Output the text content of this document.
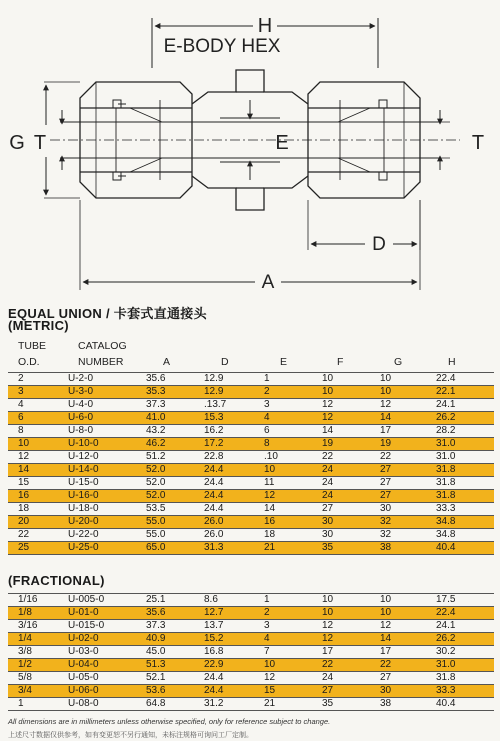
H
E-BODY HEX
G T	E	T
D
A
EQUAL UNION / 卡套式直通接头
(METRIC)
TUBE
O.D.
CATALOG
NUMBER	A	D	E	F	G	H
2	U-2-0	35.6	12.9	1	10	10	22.4
3	U-3-0	35.3	12.9	2	10	10	22.1
4	U-4-0	37.3	.13.7	3	12	12	24.1
6	U-6-0	41.0	15.3	4	12	14	26.2
8	U-8-0	43.2	16.2	6	14	17	28.2
10	U-10-0	46.2	17.2	8	19	19	31.0
12	U-12-0	51.2	22.8	.10	22	22	31.0
14	U-14-0	52.0	24.4	10	24	27	31.8
15	U-15-0	52.0	24.4	11	24	27	31.8
16	U-16-0	52.0	24.4	12	24	27	31.8
18	U-18-0	53.5	24.4	14	27	30	33.3
20	U-20-0	55.0	26.0	16	30	32	34.8
22	U-22-0	55.0	26.0	18	30	32	34.8
25	U-25-0	65.0	31.3	21	35	38	40.4
(FRACTIONAL)
1/16	U-005-0	25.1	8.6	1	10	10	17.5
1/8	U-01-0	35.6	12.7	2	10	10	22.4
3/16	U-015-0	37.3	13.7	3	12	12	24.1
1/4	U-02-0	40.9	15.2	4	12	14	26.2
3/8	U-03-0	45.0	16.8	7	17	17	30.2
1/2	U-04-0	51.3	22.9	10	22	22	31.0
5/8	U-05-0	52.1	24.4	12	24	27	31.8
3/4	U-06-0	53.6	24.4	15	27	30	33.3
1	U-08-0	64.8	31.2	21	35	38	40.4
All dimensions are in millimeters unless otherwise specified, only for reference subject to change.
上述尺寸数据仅供参考，如有变更恕不另行通知，未标注规格可询问工厂定制。
